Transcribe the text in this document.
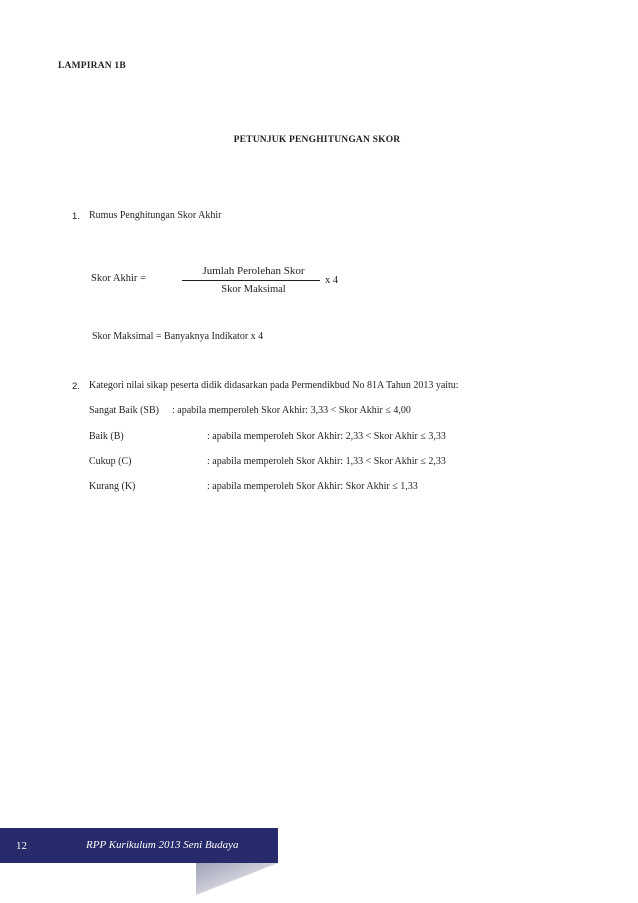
LAMPIRAN 1B
PETUNJUK PENGHITUNGAN SKOR
1. Rumus Penghitungan Skor Akhir
Skor Akhir =
Jumlah Perolehan Skor
Skor Maksimal
x 4
Skor Maksimal = Banyaknya Indikator x 4
2. Kategori nilai sikap peserta didik didasarkan pada Permendikbud No 81A Tahun 2013 yaitu:
Sangat Baik (SB) : apabila memperoleh Skor Akhir: 3,33 < Skor Akhir ≤ 4,00
Baik (B)	: apabila memperoleh Skor Akhir: 2,33 < Skor Akhir ≤ 3,33
Cukup (C)	: apabila memperoleh Skor Akhir: 1,33 < Skor Akhir ≤ 2,33
Kurang (K)	: apabila memperoleh Skor Akhir: Skor Akhir ≤ 1,33
12	RPP Kurikulum 2013 Seni Budaya
